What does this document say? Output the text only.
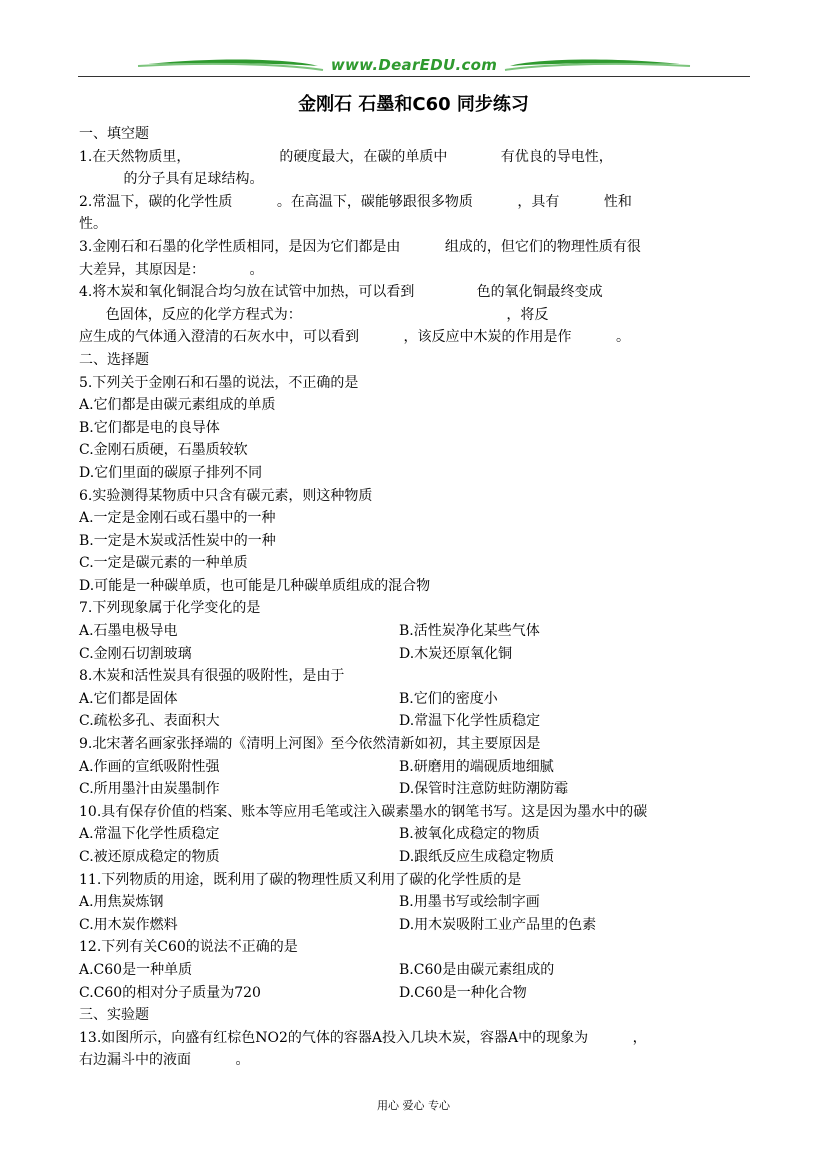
www.DearEDU.com
金刚石 石墨和C60 同步练习
一、填空题
1.在天然物质里，                    的硬度最大，在碳的单质中            有优良的导电性，
的分子具有足球结构。
2.常温下，碳的化学性质          。在高温下，碳能够跟很多物质          ，具有          性和
性。
3.金刚石和石墨的化学性质相同，是因为它们都是由          组成的，但它们的物理性质有很
大差异，其原因是：          。
4.将木炭和氧化铜混合均匀放在试管中加热，可以看到              色的氧化铜最终变成
色固体，反应的化学方程式为：                                              ，将反
应生成的气体通入澄清的石灰水中，可以看到          ，该反应中木炭的作用是作          。
二、选择题
5.下列关于金刚石和石墨的说法，不正确的是
A.它们都是由碳元素组成的单质
B.它们都是电的良导体
C.金刚石质硬，石墨质较软
D.它们里面的碳原子排列不同
6.实验测得某物质中只含有碳元素，则这种物质
A.一定是金刚石或石墨中的一种
B.一定是木炭或活性炭中的一种
C.一定是碳元素的一种单质
D.可能是一种碳单质，也可能是几种碳单质组成的混合物
7.下列现象属于化学变化的是
A.石墨电极导电	B.活性炭净化某些气体
C.金刚石切割玻璃	D.木炭还原氧化铜
8.木炭和活性炭具有很强的吸附性，是由于
A.它们都是固体	B.它们的密度小
C.疏松多孔、表面积大	D.常温下化学性质稳定
9.北宋著名画家张择端的《清明上河图》至今依然清新如初，其主要原因是
A.作画的宣纸吸附性强	B.研磨用的端砚质地细腻
C.所用墨汁由炭墨制作	D.保管时注意防蛀防潮防霉
10.具有保存价值的档案、账本等应用毛笔或注入碳素墨水的钢笔书写。这是因为墨水中的碳
A.常温下化学性质稳定	B.被氧化成稳定的物质
C.被还原成稳定的物质	D.跟纸反应生成稳定物质
11.下列物质的用途，既利用了碳的物理性质又利用了碳的化学性质的是
A.用焦炭炼钢	B.用墨书写或绘制字画
C.用木炭作燃料	D.用木炭吸附工业产品里的色素
12.下列有关C60的说法不正确的是
A.C60是一种单质	B.C60是由碳元素组成的
C.C60的相对分子质量为720	D.C60是一种化合物
三、实验题
13.如图所示，向盛有红棕色NO2的气体的容器A投入几块木炭，容器A中的现象为          ，
右边漏斗中的液面          。
用心 爱心 专心
